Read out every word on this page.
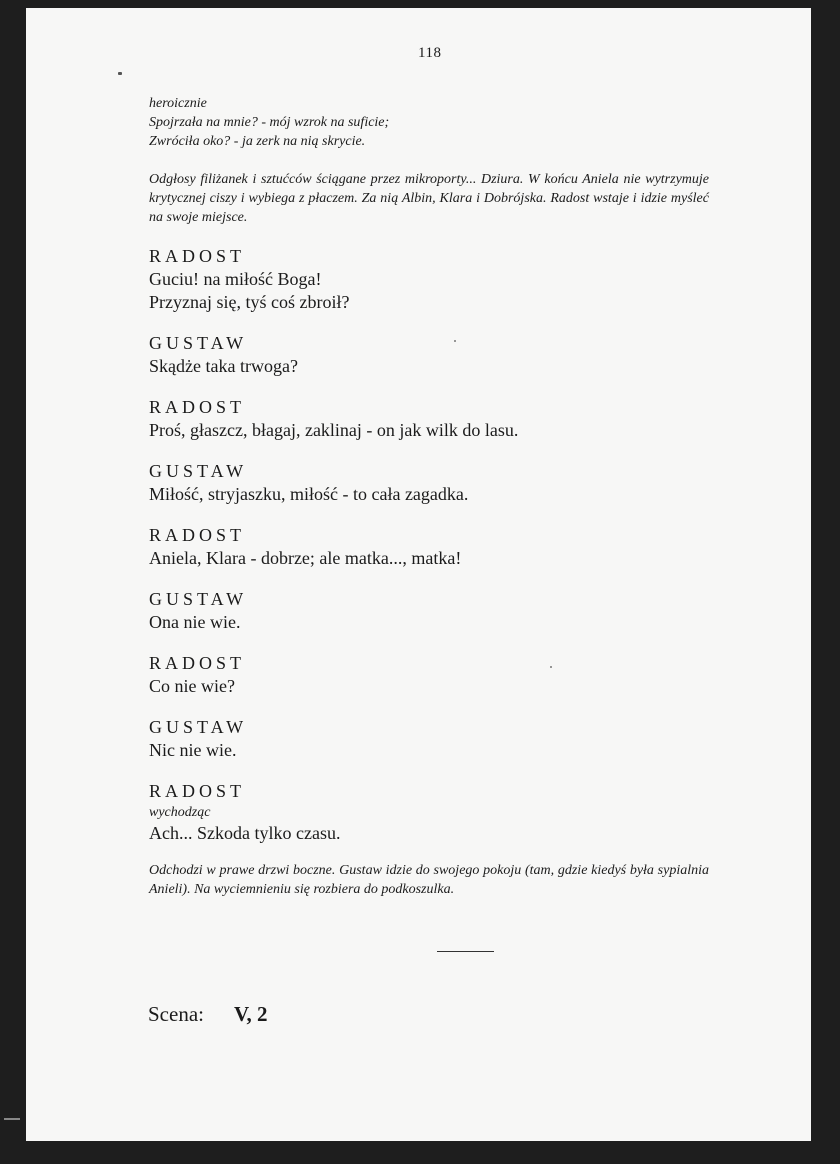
118

heroicznie

Spojrzała na mnie? - mój wzrok na suficie;

Zwróciła oko? - ja zerk na nią skrycie.

Odgłosy filiżanek i sztućców ściągane przez mikroporty... Dziura. W końcu Aniela nie wytrzymuje krytycznej ciszy i wybiega z płaczem. Za nią Albin, Klara i Dobrójska. Radost wstaje i idzie myśleć na swoje miejsce.

RADOST

Guciu! na miłość Boga!

Przyznaj się, tyś coś zbroił?

GUSTAW

Skądże taka trwoga?

RADOST

Proś, głaszcz, błagaj, zaklinaj - on jak wilk do lasu.

GUSTAW

Miłość, stryjaszku, miłość - to cała zagadka.

RADOST

Aniela, Klara - dobrze; ale matka..., matka!

GUSTAW

Ona nie wie.

RADOST

Co nie wie?

GUSTAW

Nic nie wie.

RADOST

wychodząc

Ach... Szkoda tylko czasu.

Odchodzi w prawe drzwi boczne. Gustaw idzie do swojego pokoju (tam, gdzie kiedyś była sypialnia Anieli). Na wyciemnieniu się rozbiera do podkoszulka.

Scena: V, 2
